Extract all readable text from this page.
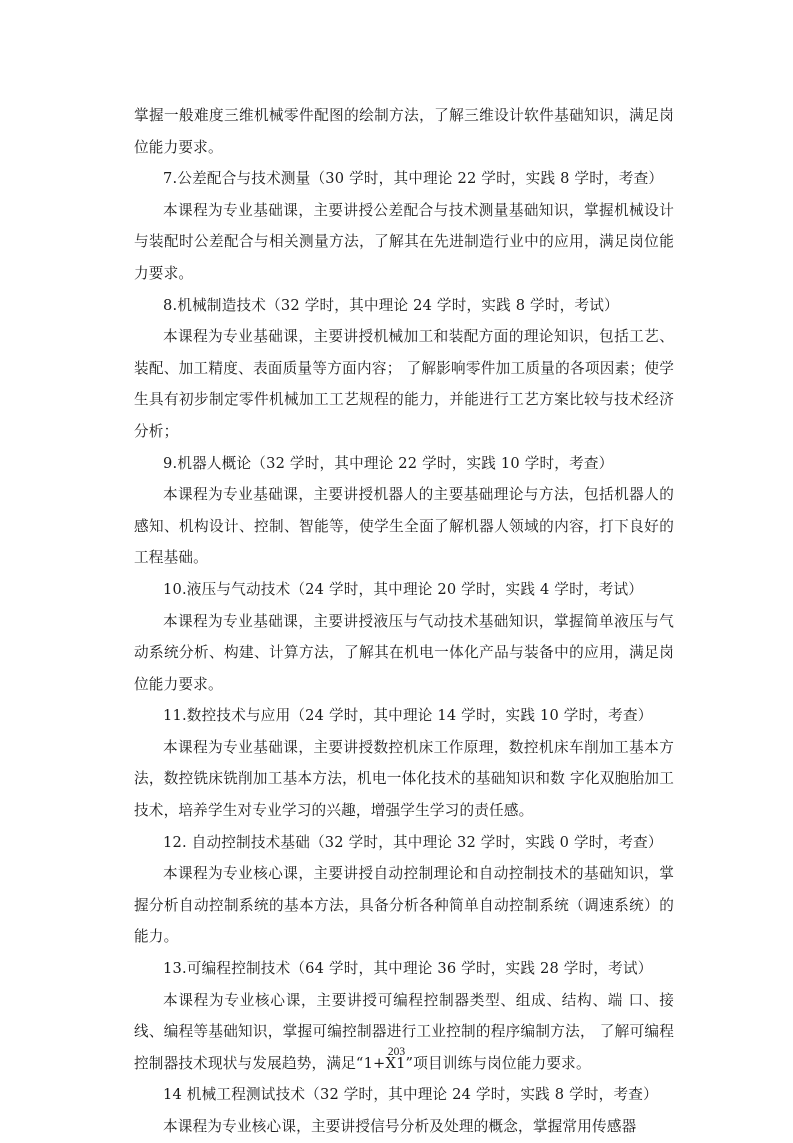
掌握一般难度三维机械零件配图的绘制方法，了解三维设计软件基础知识，满足岗位能力要求。

7.公差配合与技术测量（30 学时，其中理论 22 学时，实践 8 学时，考查）

本课程为专业基础课，主要讲授公差配合与技术测量基础知识，掌握机械设计与装配时公差配合与相关测量方法，了解其在先进制造行业中的应用，满足岗位能力要求。

8.机械制造技术（32 学时，其中理论 24 学时，实践 8 学时，考试）

本课程为专业基础课，主要讲授机械加工和装配方面的理论知识，包括工艺、装配、加工精度、表面质量等方面内容； 了解影响零件加工质量的各项因素；使学生具有初步制定零件机械加工工艺规程的能力，并能进行工艺方案比较与技术经济分析；

9.机器人概论（32 学时，其中理论 22 学时，实践 10 学时，考查）

本课程为专业基础课，主要讲授机器人的主要基础理论与方法，包括机器人的感知、机构设计、控制、智能等，使学生全面了解机器人领域的内容，打下良好的工程基础。

10.液压与气动技术（24 学时，其中理论 20 学时，实践 4 学时，考试）

本课程为专业基础课，主要讲授液压与气动技术基础知识，掌握简单液压与气动系统分析、构建、计算方法，了解其在机电一体化产品与装备中的应用，满足岗位能力要求。

11.数控技术与应用（24 学时，其中理论 14 学时，实践 10 学时，考查）

本课程为专业基础课，主要讲授数控机床工作原理，数控机床车削加工基本方法，数控铣床铣削加工基本方法，机电一体化技术的基础知识和数 字化双胞胎加工技术，培养学生对专业学习的兴趣，增强学生学习的责任感。

12. 自动控制技术基础（32 学时，其中理论 32 学时，实践 0 学时，考查）

本课程为专业核心课，主要讲授自动控制理论和自动控制技术的基础知识，掌握分析自动控制系统的基本方法，具备分析各种简单自动控制系统（调速系统）的能力。

13.可编程控制技术（64 学时，其中理论 36 学时，实践 28 学时，考试）

本课程为专业核心课，主要讲授可编程控制器类型、组成、结构、端 口、接线、编程等基础知识，掌握可编控制器进行工业控制的程序编制方法， 了解可编程控制器技术现状与发展趋势，满足“1+X1”项目训练与岗位能力要求。

14 机械工程测试技术（32 学时，其中理论 24 学时，实践 8 学时，考查）

本课程为专业核心课，主要讲授信号分析及处理的概念，掌握常用传感器

203
